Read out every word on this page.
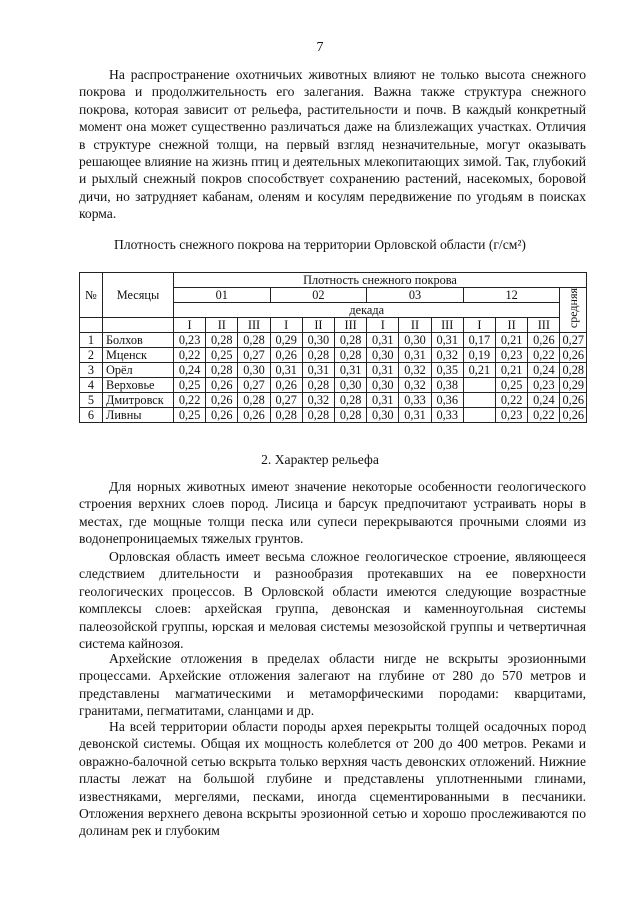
7

На распространение охотничьих животных влияют не только высота снежного покрова и продолжительность его залегания. Важна также структура снежного покрова, которая зависит от рельефа, растительности и почв. В каждый конкретный момент она может существенно различаться даже на близлежащих участках. Отличия в структуре снежной толщи, на первый взгляд незначительные, могут оказывать решающее влияние на жизнь птиц и деятельных млекопитающих зимой. Так, глубокий и рыхлый снежный покров способствует сохранению растений, насекомых, боровой дичи, но затрудняет кабанам, оленям и косулям передвижение по угодьям в поисках корма.

Плотность снежного покрова на территории Орловской области (г/см²)
№	Месяцы	Плотность снежного покрова												
		01			02			03			12			средняя
		декада												
		I	II	III	I	II	III	I	II	III	I	II	III	
1	Болхов	0,23	0,28	0,28	0,29	0,30	0,28	0,31	0,30	0,31	0,17	0,21	0,26	0,27
2	Мценск	0,22	0,25	0,27	0,26	0,28	0,28	0,30	0,31	0,32	0,19	0,23	0,22	0,26
3	Орёл	0,24	0,28	0,30	0,31	0,31	0,31	0,31	0,32	0,35	0,21	0,21	0,24	0,28
4	Верховье	0,25	0,26	0,27	0,26	0,28	0,30	0,30	0,32	0,38		0,25	0,23	0,29
5	Дмитровск	0,22	0,26	0,28	0,27	0,32	0,28	0,31	0,33	0,36		0,22	0,24	0,26
6	Ливны	0,25	0,26	0,26	0,28	0,28	0,28	0,30	0,31	0,33		0,23	0,22	0,26
2. Характер рельефа

Для норных животных имеют значение некоторые особенности геологического строения верхних слоев пород. Лисица и барсук предпочитают устраивать норы в местах, где мощные толщи песка или супеси перекрываются прочными слоями из водонепроницаемых тяжелых грунтов.

Орловская область имеет весьма сложное геологическое строение, являющееся следствием длительности и разнообразия протекавших на ее поверхности геологических процессов. В Орловской области имеются следующие возрастные комплексы слоев: архейская группа, девонская и каменноугольная системы палеозойской группы, юрская и меловая системы мезозойской группы и четвертичная система кайнозоя.

Архейские отложения в пределах области нигде не вскрыты эрозионными процессами. Архейские отложения залегают на глубине от 280 до 570 метров и представлены магматическими и метаморфическими породами: кварцитами, гранитами, пегматитами, сланцами и др.

На всей территории области породы архея перекрыты толщей осадочных пород девонской системы. Общая их мощность колеблется от 200 до 400 метров. Реками и овражно-балочной сетью вскрыта только верхняя часть девонских отложений. Нижние пласты лежат на большой глубине и представлены уплотненными глинами, известняками, мергелями, песками, иногда сцементированными в песчаники. Отложения верхнего девона вскрыты эрозионной сетью и хорошо прослеживаются по долинам рек и глубоким
